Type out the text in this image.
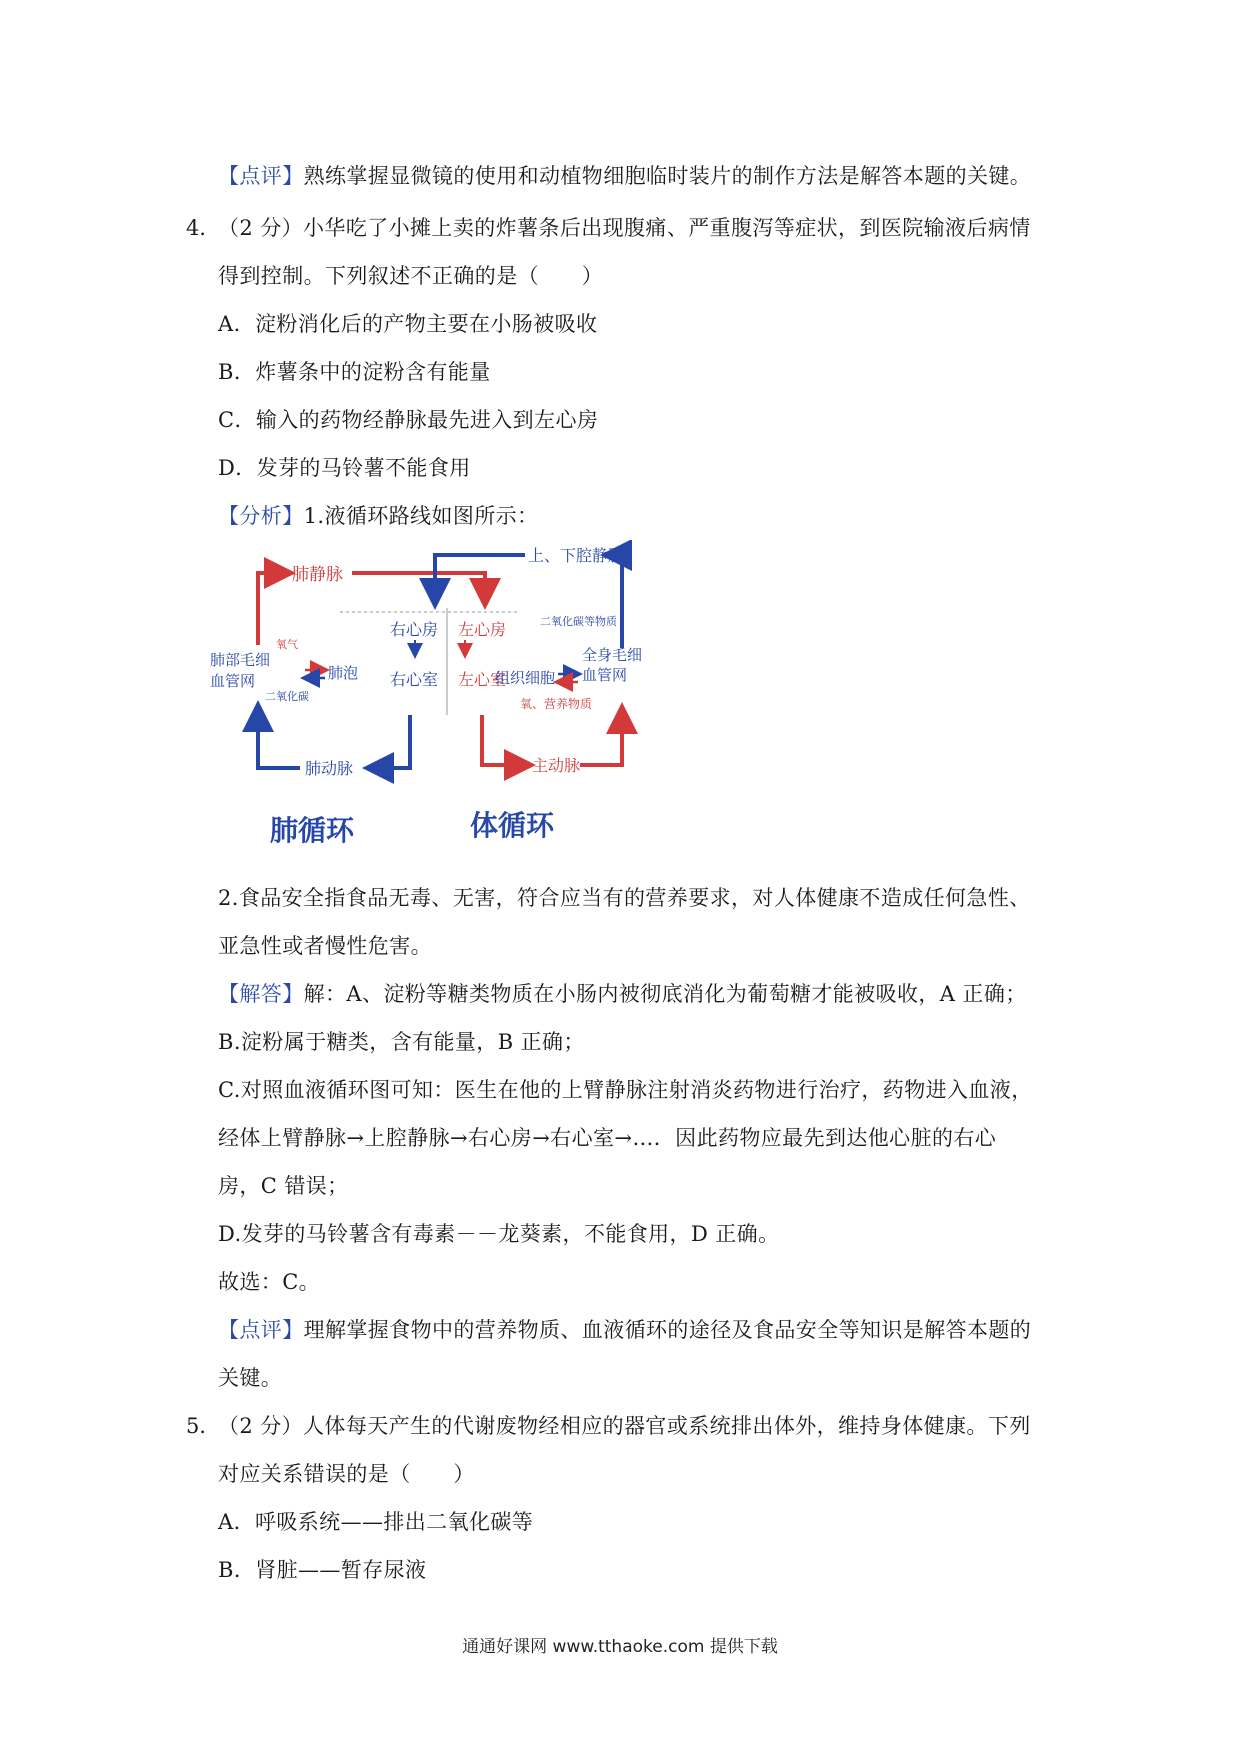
【点评】熟练掌握显微镜的使用和动植物细胞临时装片的制作方法是解答本题的关键。
4．
（2 分）小华吃了小摊上卖的炸薯条后出现腹痛、严重腹泻等症状，到医院输液后病情
得到控制。下列叙述不正确的是（　　）
A．淀粉消化后的产物主要在小肠被吸收
B．炸薯条中的淀粉含有能量
C．输入的药物经静脉最先进入到左心房
D．发芽的马铃薯不能食用
【分析】1.液循环路线如图所示：
肺静脉
上、下腔静脉
肺部毛细
血管网
氧气
肺泡
二氧化碳
右心房
右心室
左心房
左心室
二氧化碳等物质
组织细胞
全身毛细
血管网
氧、营养物质
肺动脉	主动脉
肺循环	体循环
2.食品安全指食品无毒、无害，符合应当有的营养要求，对人体健康不造成任何急性、
亚急性或者慢性危害。
【解答】解：A、淀粉等糖类物质在小肠内被彻底消化为葡萄糖才能被吸收，A 正确；
B.淀粉属于糖类，含有能量，B 正确；
C.对照血液循环图可知：医生在他的上臂静脉注射消炎药物进行治疗，药物进入血液，
经体上臂静脉→上腔静脉→右心房→右心室→…．因此药物应最先到达他心脏的右心
房，C 错误；
D.发芽的马铃薯含有毒素－－龙葵素，不能食用，D 正确。
故选：C。
【点评】理解掌握食物中的营养物质、血液循环的途径及食品安全等知识是解答本题的
关键。
5．
（2 分）人体每天产生的代谢废物经相应的器官或系统排出体外，维持身体健康。下列
对应关系错误的是（　　）
A．呼吸系统——排出二氧化碳等
B．肾脏——暂存尿液
通通好课网 www.tthaoke.com 提供下载
